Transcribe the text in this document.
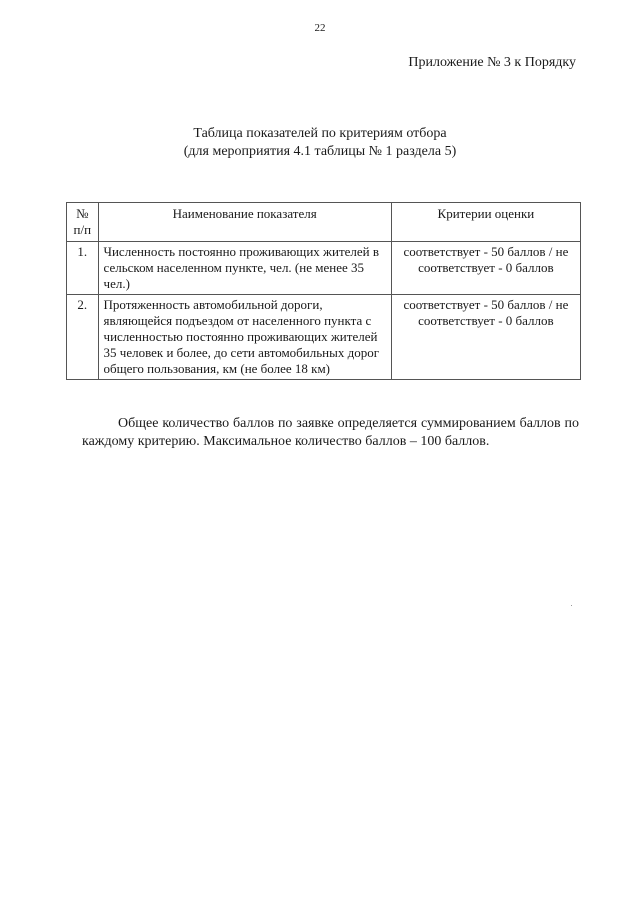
22
Приложение № 3 к Порядку
Таблица показателей по критериям отбора
(для мероприятия 4.1 таблицы № 1 раздела 5)
№ п/п	Наименование показателя	Критерии оценки
1.	Численность постоянно проживающих жителей в сельском населенном пункте, чел. (не менее 35 чел.)	соответствует - 50 баллов / не соответствует - 0 баллов
2.	Протяженность автомобильной дороги, являющейся подъездом от населенного пункта с численностью постоянно проживающих жителей 35 человек и более, до сети автомобильных дорог общего пользования, км (не более 18 км)	соответствует - 50 баллов / не соответствует - 0 баллов
Общее количество баллов по заявке определяется суммированием баллов по каждому критерию. Максимальное количество баллов – 100 баллов.
